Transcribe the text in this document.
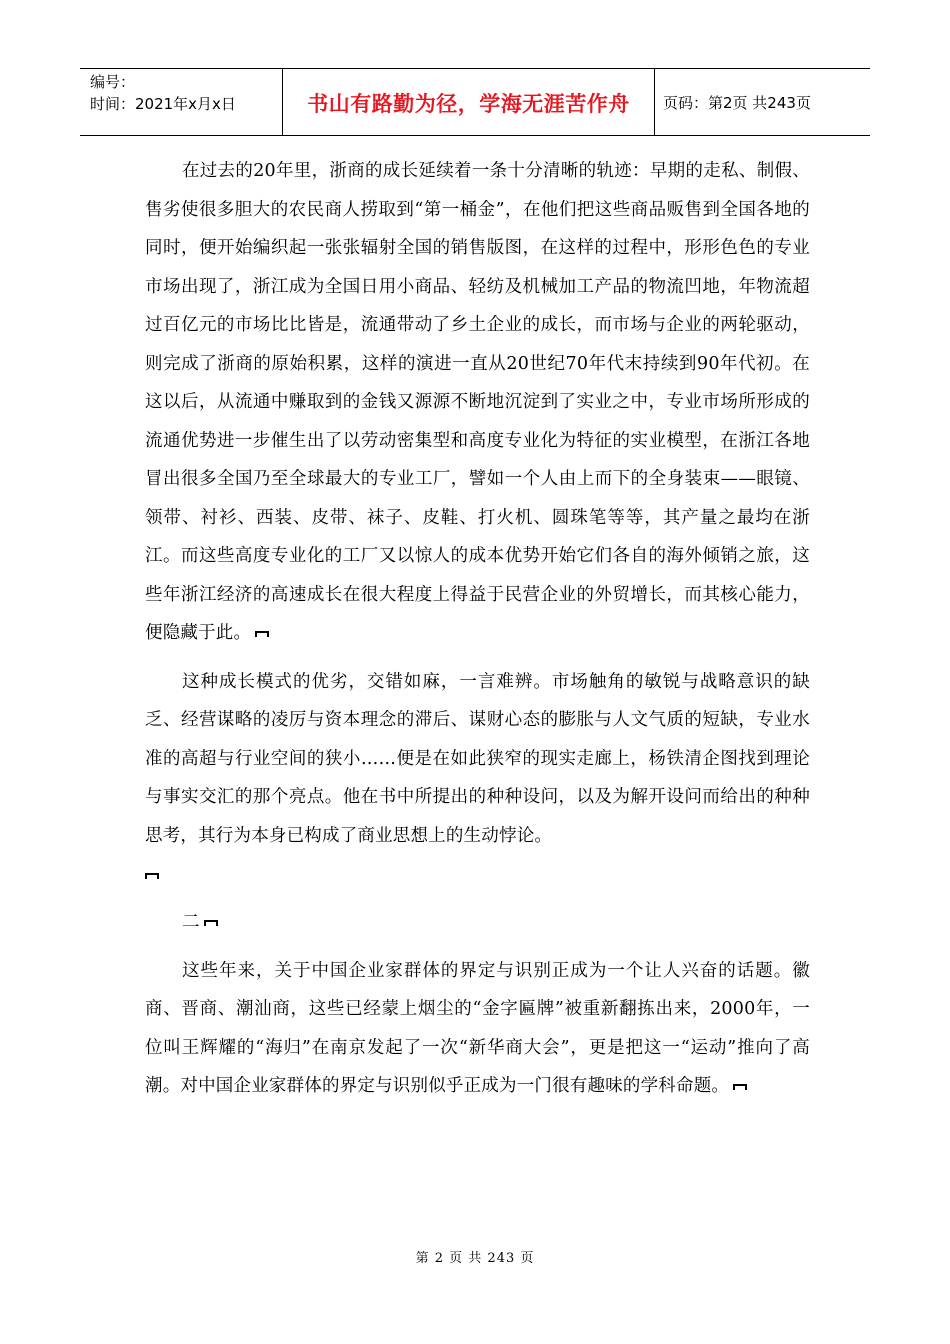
编号：
时间：2021年x月x日	书山有路勤为径，学海无涯苦作舟	页码：第2页 共243页

在过去的20年里，浙商的成长延续着一条十分清晰的轨迹：早期的走私、制假、售劣使很多胆大的农民商人捞取到“第一桶金”，在他们把这些商品贩售到全国各地的同时，便开始编织起一张张辐射全国的销售版图，在这样的过程中，形形色色的专业市场出现了，浙江成为全国日用小商品、轻纺及机械加工产品的物流凹地，年物流超过百亿元的市场比比皆是，流通带动了乡土企业的成长，而市场与企业的两轮驱动，则完成了浙商的原始积累，这样的演进一直从20世纪70年代末持续到90年代初。在这以后，从流通中赚取到的金钱又源源不断地沉淀到了实业之中，专业市场所形成的流通优势进一步催生出了以劳动密集型和高度专业化为特征的实业模型，在浙江各地冒出很多全国乃至全球最大的专业工厂，譬如一个人由上而下的全身装束——眼镜、领带、衬衫、西装、皮带、袜子、皮鞋、打火机、圆珠笔等等，其产量之最均在浙江。而这些高度专业化的工厂又以惊人的成本优势开始它们各自的海外倾销之旅，这些年浙江经济的高速成长在很大程度上得益于民营企业的外贸增长，而其核心能力，便隐藏于此。

这种成长模式的优劣，交错如麻，一言难辨。市场触角的敏锐与战略意识的缺乏、经营谋略的凌厉与资本理念的滞后、谋财心态的膨胀与人文气质的短缺，专业水准的高超与行业空间的狭小……便是在如此狭窄的现实走廊上，杨铁清企图找到理论与事实交汇的那个亮点。他在书中所提出的种种设问，以及为解开设问而给出的种种思考，其行为本身已构成了商业思想上的生动悖论。

二

这些年来，关于中国企业家群体的界定与识别正成为一个让人兴奋的话题。徽商、晋商、潮汕商，这些已经蒙上烟尘的“金字匾牌”被重新翻拣出来，2000年，一位叫王辉耀的“海归”在南京发起了一次“新华商大会”，更是把这一“运动”推向了高潮。对中国企业家群体的界定与识别似乎正成为一门很有趣味的学科命题。

第 2 页 共 243 页
